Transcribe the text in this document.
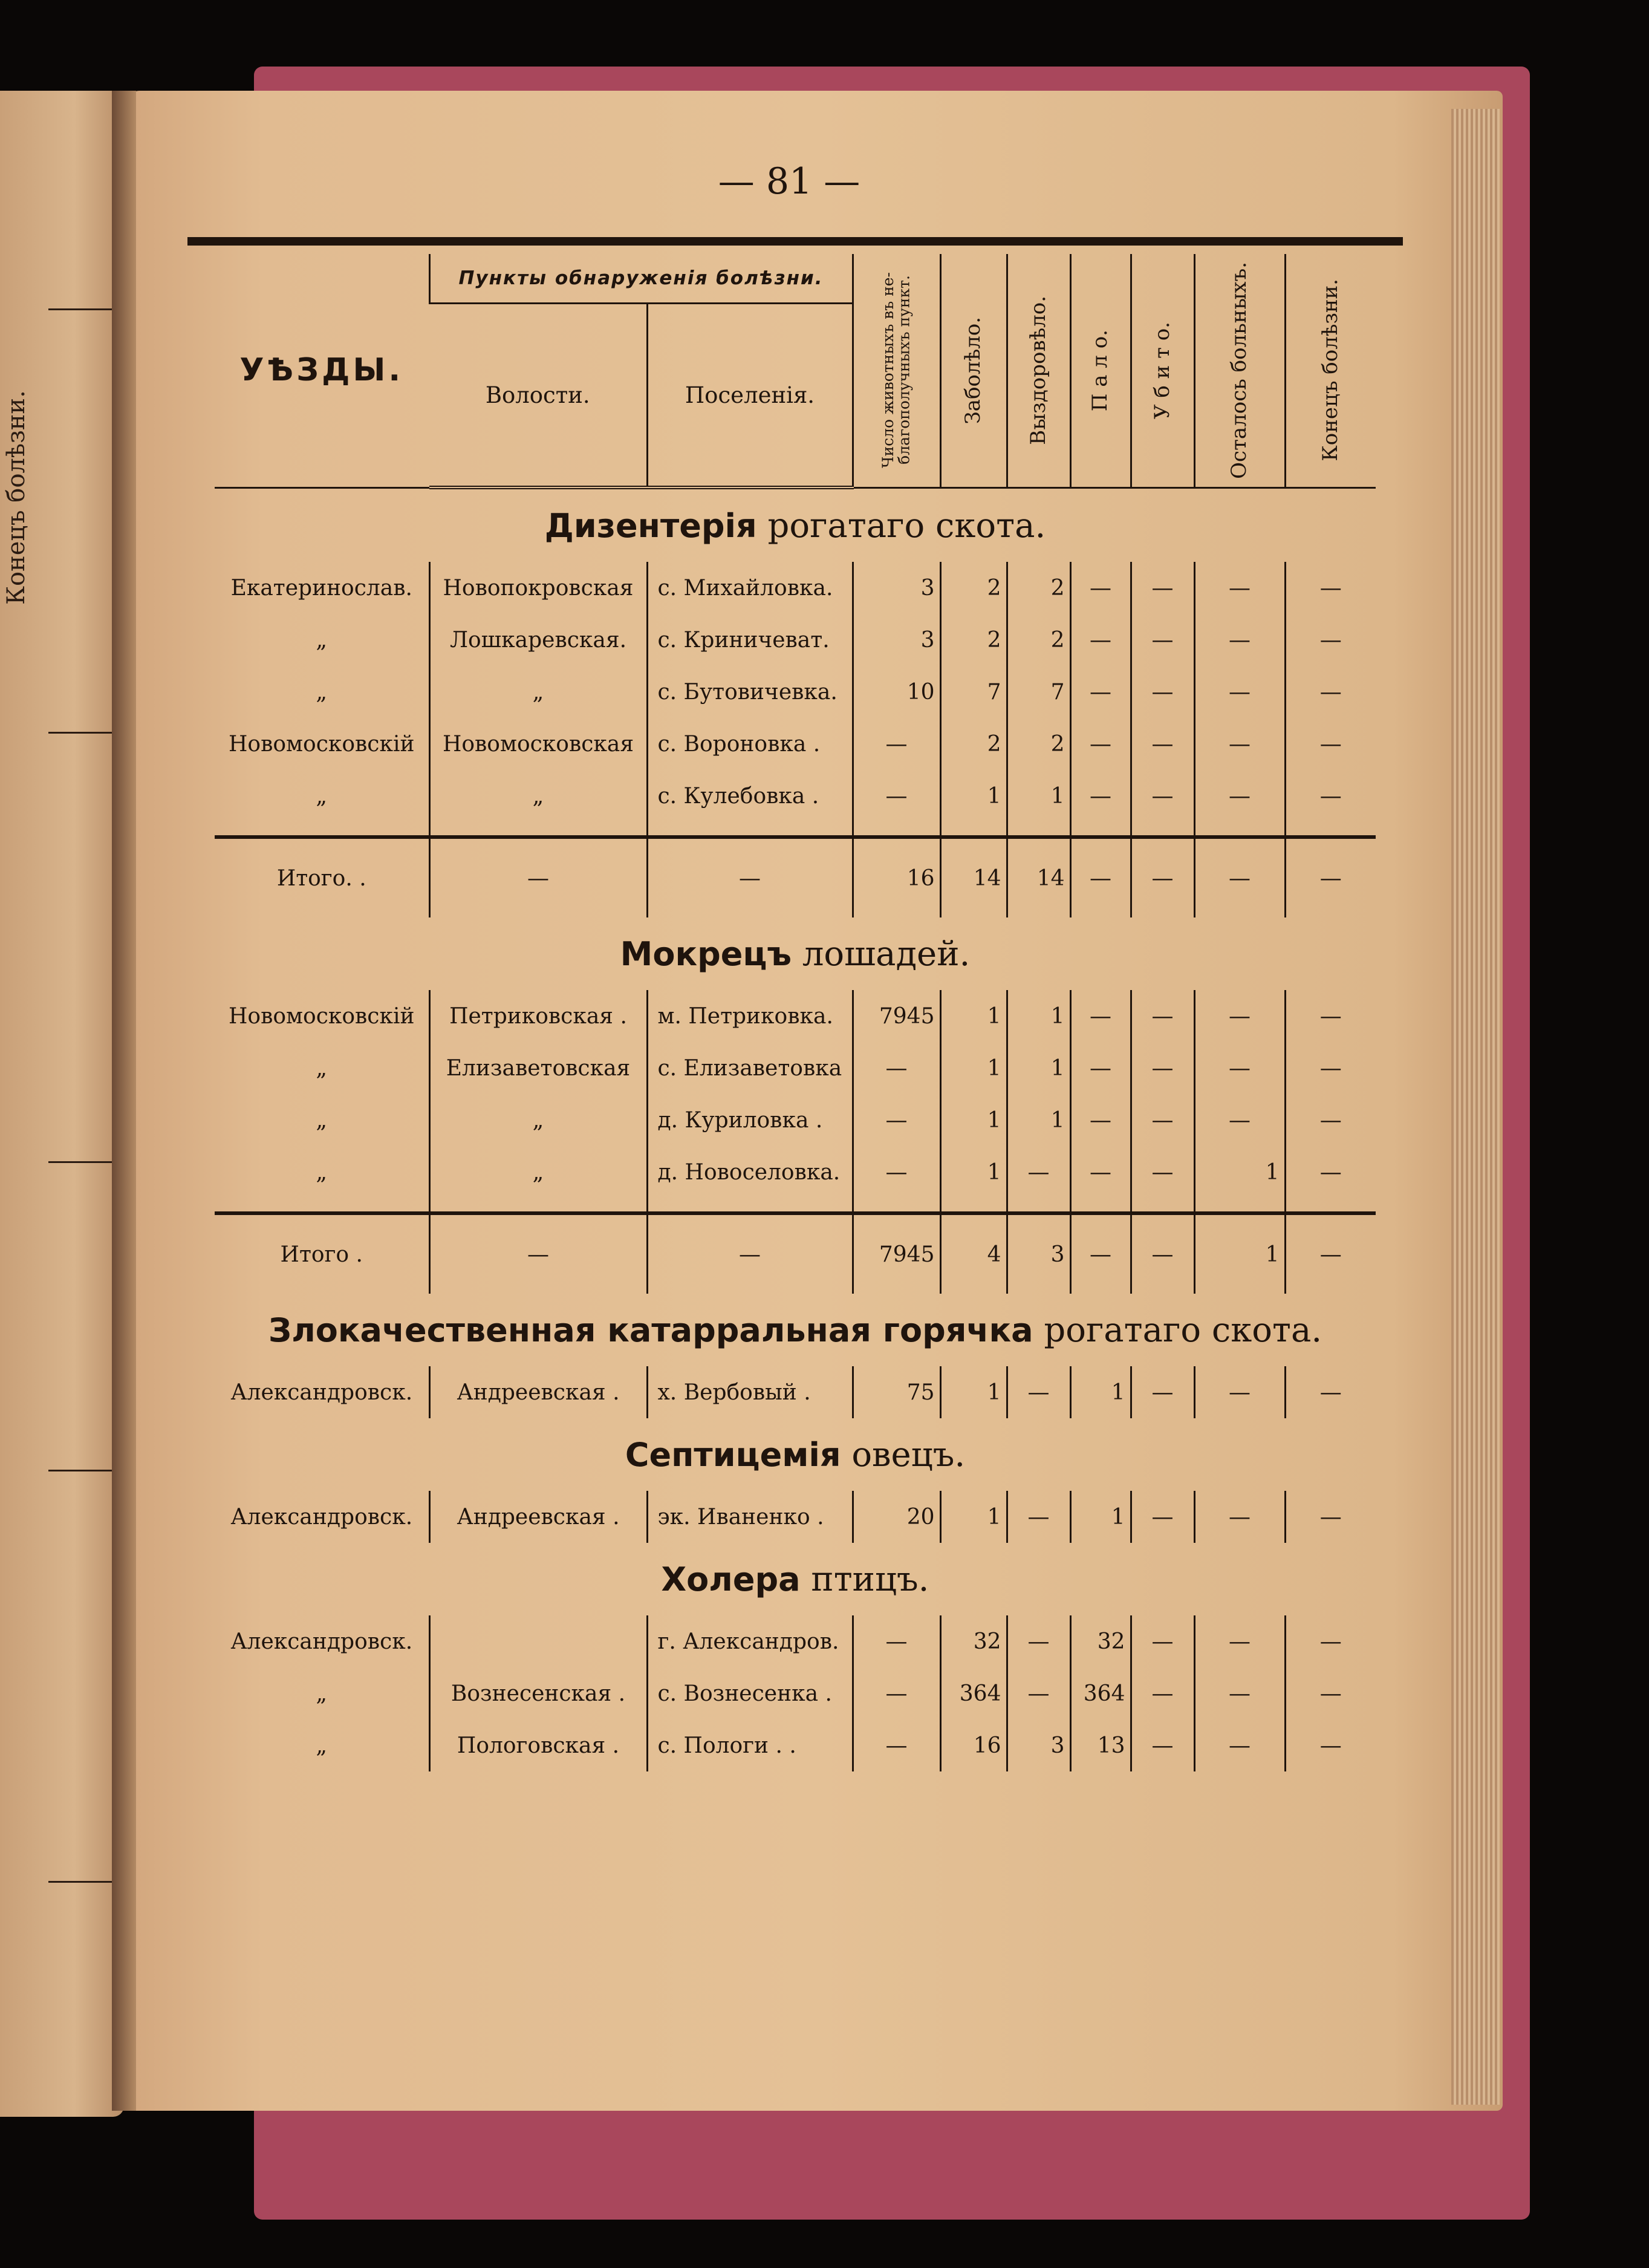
Конецъ болѣзни.
— 81 —
УѢЗДЫ.	Пункты обнаруженія болѣзни.		Число животныхъ въ не-
благополучныхъ пункт.	Заболѣло.	Выздоровѣло.	П а л о.	У б и т о.	Осталось больныхъ.	Конецъ болѣзни.

	Волости.	Поселенія.							
Дизентерія рогатаго скота.									
Екатеринослав.	Новопокровская	с. Михайловка.	3	2	2	—	—	—	—
„	Лошкаревская.	с. Криничеват.	3	2	2	—	—	—	—
„	„	с. Бутовичевка.	10	7	7	—	—	—	—
Новомосковскій	Новомосковская	с. Вороновка .	—	2	2	—	—	—	—
„	„	с. Кулебовка .	—	1	1	—	—	—	—

Итого. .	—	—	16	14	14	—	—	—	—
Мокрецъ лошадей.									
Новомосковскій	Петриковская .	м. Петриковка.	7945	1	1	—	—	—	—
„	Елизаветовская	с. Елизаветовка	—	1	1	—	—	—	—
„	„	д. Куриловка .	—	1	1	—	—	—	—
„	„	д. Новоселовка.	—	1	—	—	—	1	—

Итого .	—	—	7945	4	3	—	—	1	—
Злокачественная катарральная горячка рогатаго скота.									
Александровск.	Андреевская .	х. Вербовый .	75	1	—	1	—	—	—
Септицемія овецъ.									
Александровск.	Андреевская .	эк. Иваненко .	20	1	—	1	—	—	—
Холера птицъ.									
Александровск.		г. Александров.	—	32	—	32	—	—	—
„	Вознесенская .	с. Вознесенка .	—	364	—	364	—	—	—
„	Пологовская .	с. Пологи . .	—	16	3	13	—	—	—
